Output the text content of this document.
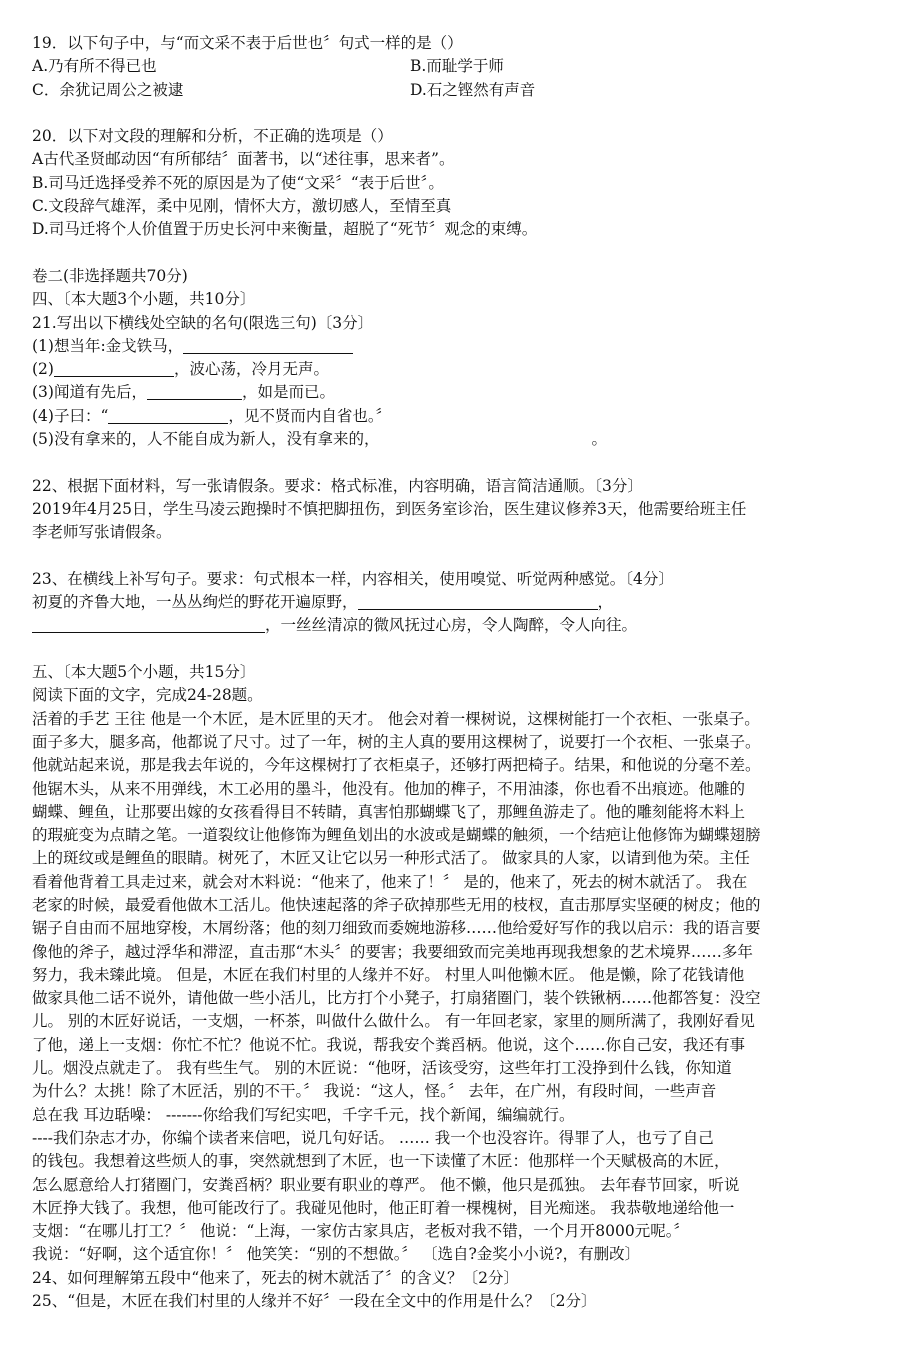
19．以下句子中，与“而文采不表于后世也〞句式一样的是（）
A.乃有所不得已也	B.而耻学于师
C．余犹记周公之被逮	D.石之铿然有声音
20．以下对文段的理解和分析，不正确的选项是（）
A古代圣贤邮动因“有所郁结〞面著书，以“述往事，思来者”。
B.司马迁选择受养不死的原因是为了使“文采〞“表于后世〞。
C.文段辞气雄浑，柔中见刚，情怀大方，激切感人，至情至真
D.司马迁将个人价值置于历史长河中来衡量，超脱了“死节〞观念的束缚。
卷二(非选择题共70分)
四、〔本大题3个小题，共10分〕
21.写出以下横线处空缺的名句(限选三句)〔3分〕
(1)想当年:金戈铁马，
(2)	，波心荡，冷月无声。
(3)闻道有先后，	，如是而已。
(4)子曰：“	，见不贤而内自省也。〞
(5)没有拿来的，人不能自成为新人，没有拿来的，	。
22、根据下面材料，写一张请假条。要求：格式标准，内容明确，语言简洁通顺。〔3分〕
2019年4月25日，学生马凌云跑操时不慎把脚扭伤，到医务室诊治，医生建议修养3天，他需要给班主任
李老师写张请假条。
23、在横线上补写句子。要求：句式根本一样，内容相关，使用嗅觉、听觉两种感觉。〔4分〕
初夏的齐鲁大地，一丛丛绚烂的野花开遍原野，	，
，一丝丝清凉的微风抚过心房，令人陶醉，令人向往。
五、〔本大题5个小题，共15分〕
阅读下面的文字，完成24-28题。
活着的手艺 王往 他是一个木匠，是木匠里的天才。 他会对着一棵树说，这棵树能打一个衣柜、一张桌子。
面子多大，腿多高，他都说了尺寸。过了一年，树的主人真的要用这棵树了，说要打一个衣柜、一张桌子。
他就站起来说，那是我去年说的，今年这棵树打了衣柜桌子，还够打两把椅子。结果，和他说的分毫不差。
他锯木头，从来不用弹线，木工必用的墨斗，他没有。他加的榫子，不用油漆，你也看不出痕迹。他雕的
蝴蝶、鲤鱼，让那要出嫁的女孩看得目不转睛，真害怕那蝴蝶飞了，那鲤鱼游走了。他的雕刻能将木料上
的瑕疵变为点睛之笔。一道裂纹让他修饰为鲤鱼划出的水波或是蝴蝶的触须，一个结疤让他修饰为蝴蝶翅膀
上的斑纹或是鲤鱼的眼睛。树死了，木匠又让它以另一种形式活了。 做家具的人家，以请到他为荣。主任
看着他背着工具走过来，就会对木料说：“他来了，他来了！〞 是的，他来了，死去的树木就活了。 我在
老家的时候，最爱看他做木工活儿。他快速起落的斧子砍掉那些无用的枝杈，直击那厚实坚硬的树皮；他的
锯子自由而不屈地穿梭，木屑纷落；他的刻刀细致而委婉地游移……他给爱好写作的我以启示：我的语言要
像他的斧子，越过浮华和滞涩，直击那“木头〞的要害；我要细致而完美地再现我想象的艺术境界……多年
努力，我未臻此境。 但是，木匠在我们村里的人缘并不好。 村里人叫他懒木匠。 他是懒，除了花钱请他
做家具他二话不说外，请他做一些小活儿，比方打个小凳子，打扇猪圈门，装个铁锹柄……他都答复：没空
儿。 别的木匠好说话，一支烟，一杯茶，叫做什么做什么。 有一年回老家，家里的厕所满了，我刚好看见
了他，递上一支烟：你忙不忙？他说不忙。我说，帮我安个粪舀柄。他说，这个……你自己安，我还有事
儿。烟没点就走了。 我有些生气。 别的木匠说：“他呀，活该受穷，这些年打工没挣到什么钱，你知道
为什么？太挑！除了木匠活，别的不干。〞 我说：“这人，怪。〞 去年，在广州，有段时间，一些声音
总在我 耳边聒噪： -------你给我们写纪实吧，千字千元，找个新闻，编编就行。
----我们杂志才办，你编个读者来信吧，说几句好话。 …… 我一个也没容许。得罪了人，也亏了自己
的钱包。我想着这些烦人的事，突然就想到了木匠，也一下读懂了木匠：他那样一个天赋极高的木匠，
怎么愿意给人打猪圈门，安粪舀柄？职业要有职业的尊严。 他不懒，他只是孤独。 去年春节回家，听说
木匠挣大钱了。我想，他可能改行了。我碰见他时，他正盯着一棵槐树，目光痴迷。 我恭敬地递给他一
支烟：“在哪儿打工？〞 他说：“上海，一家仿古家具店，老板对我不错，一个月开8000元呢。〞
我说：“好啊，这个适宜你！〞 他笑笑：“别的不想做。〞 〔选自?金奖小小说?，有删改〕
24、如何理解第五段中“他来了，死去的树木就活了〞的含义？〔2分〕
25、“但是，木匠在我们村里的人缘并不好〞一段在全文中的作用是什么？〔2分〕
